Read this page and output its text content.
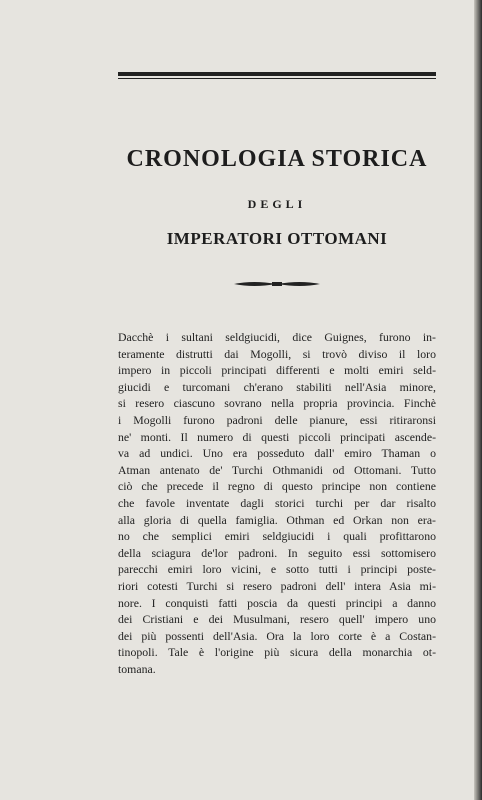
CRONOLOGIA STORICA
DEGLI
IMPERATORI OTTOMANI
Dacchè i sultani seldgiucidi, dice Guignes, furono in-
teramente distrutti dai Mogolli, si trovò diviso il loro
impero in piccoli principati differenti e molti emiri seld-
giucidi e turcomani ch'erano stabiliti nell'Asia minore,
si resero ciascuno sovrano nella propria provincia. Finchè
i Mogolli furono padroni delle pianure, essi ritiraronsi
ne' monti. Il numero di questi piccoli principati ascende-
va ad undici. Uno era posseduto dall' emiro Thaman o
Atman antenato de' Turchi Othmanidi od Ottomani. Tutto
ciò che precede il regno di questo principe non contiene
che favole inventate dagli storici turchi per dar risalto
alla gloria di quella famiglia. Othman ed Orkan non era-
no che semplici emiri seldgiucidi i quali profittarono
della sciagura de'lor padroni. In seguito essi sottomisero
parecchi emiri loro vicini, e sotto tutti i principi poste-
riori cotesti Turchi si resero padroni dell' intera Asia mi-
nore. I conquisti fatti poscia da questi principi a danno
dei Cristiani e dei Musulmani, resero quell' impero uno
dei più possenti dell'Asia. Ora la loro corte è a Costan-
tinopoli. Tale è l'origine più sicura della monarchia ot-
tomana.
